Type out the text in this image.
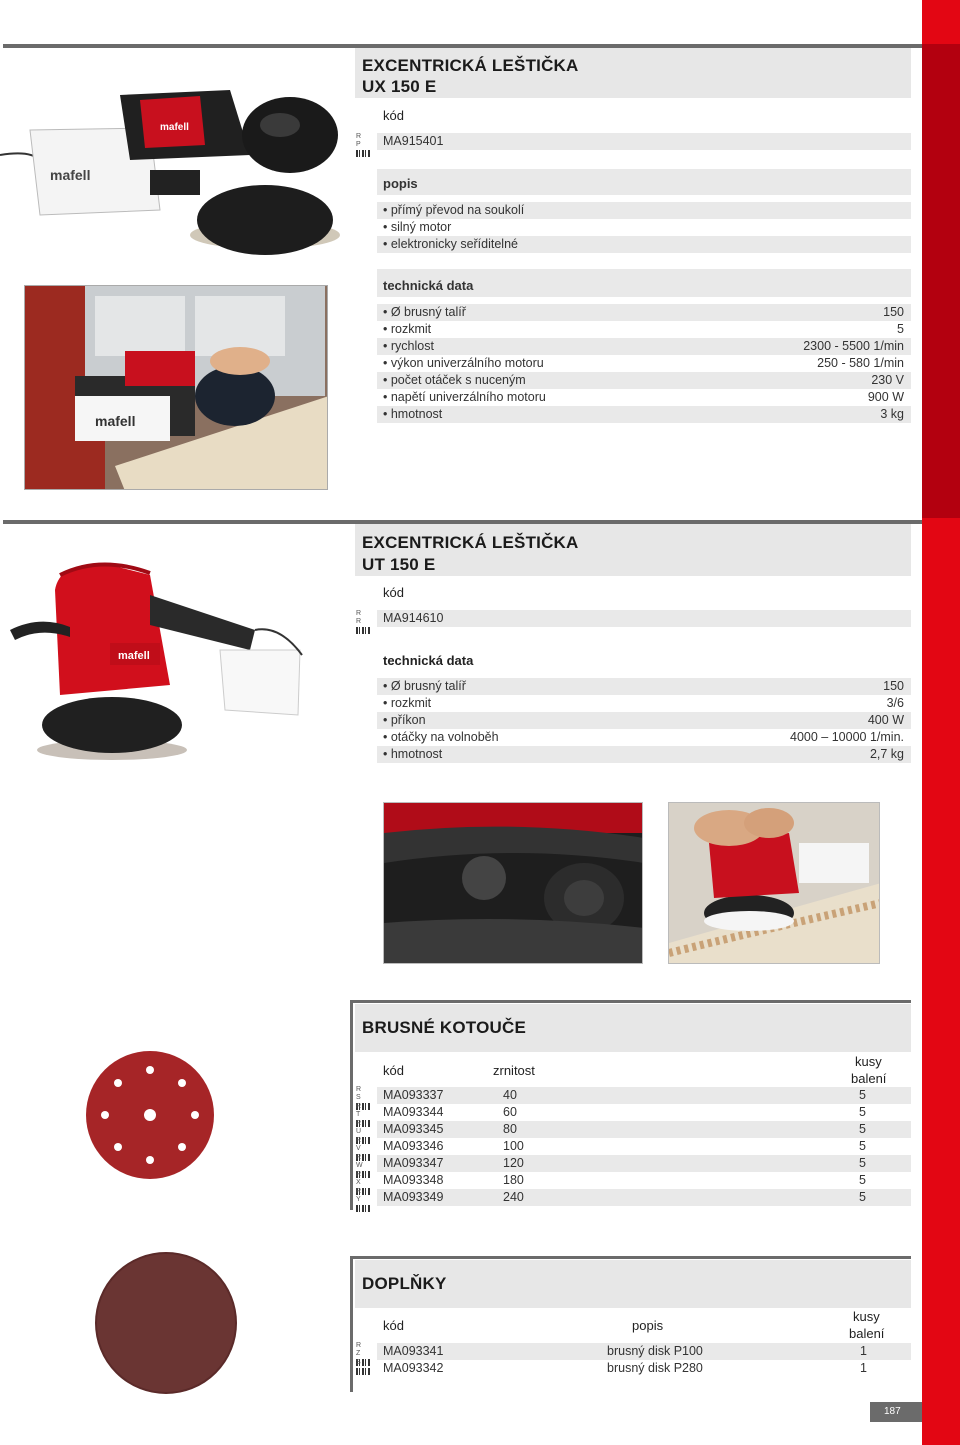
mafell
mafell
mafell
EXCENTRICKÁ LEŠTIČKA
UX 150 E
kód
MA915401
R P
popis
• přímý převod na soukolí
• silný motor
• elektronicky seříditelné
technická data
• Ø brusný talíř	150
• rozkmit	5
• rychlost	2300 - 5500 1/min
• výkon univerzálního motoru	250 - 580 1/min
• počet otáček s nuceným	230 V
• napětí univerzálního motoru	900 W
• hmotnost	3 kg
mafell
EXCENTRICKÁ LEŠTIČKA
UT 150 E
kód
MA914610
R R
technická data
• Ø brusný talíř	150
• rozkmit	3/6
• příkon	400 W
• otáčky na volnoběh	4000 – 10000 1/min.
• hmotnost	2,7 kg
BRUSNÉ KOTOUČE
kód	zrnitost
kusy
balení
MA093337	40	5
R S
MA093344	60	5
R T
MA093345	80	5
R U
MA093346	100	5
R V
MA093347	120	5
R W
MA093348	180	5
R X
MA093349	240	5
R Y
DOPLŇKY
kód	popis
kusy
balení
MA093341	brusný disk P100	1
R Z
MA093342	brusný disk P280	1
S
187
